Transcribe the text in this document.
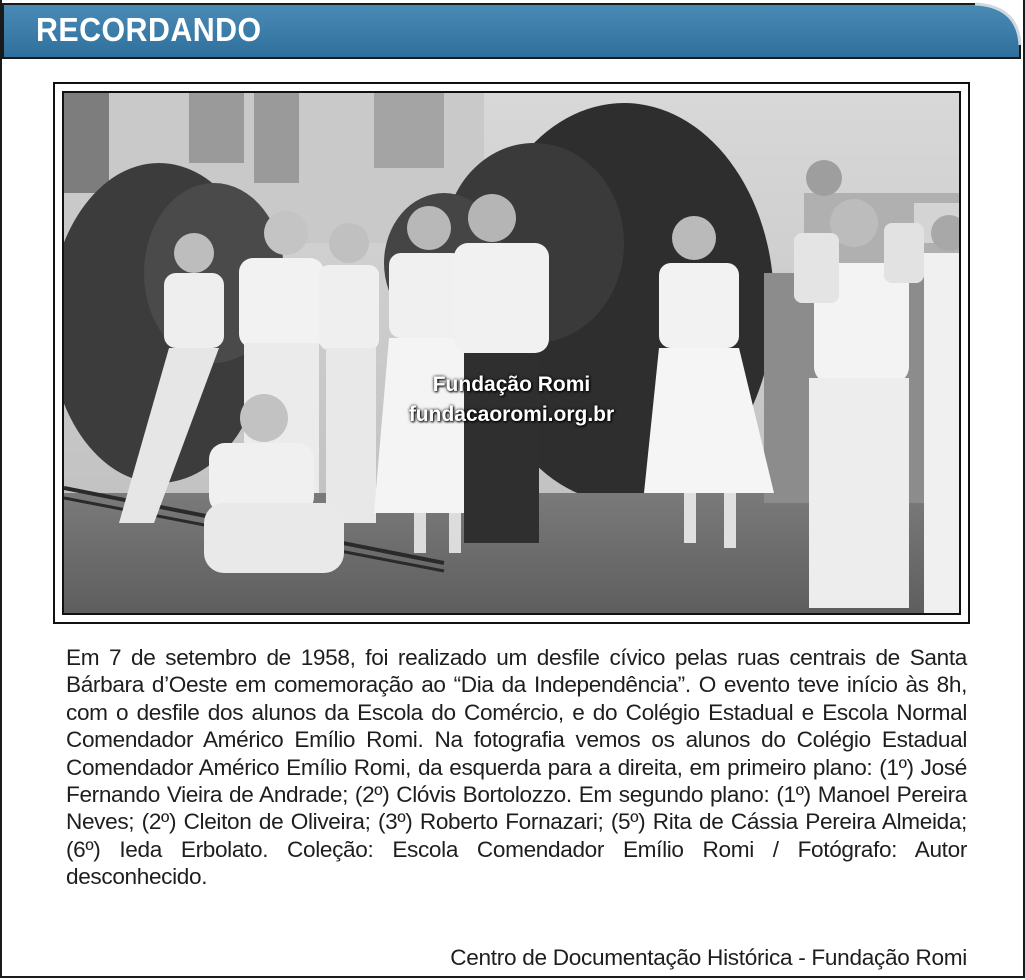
RECORDANDO
Fundação Romi
fundacaoromi.org.br
Em 7 de setembro de 1958, foi realizado um desfile cívico pelas ruas centrais de Santa Bárbara d’Oeste em comemoração ao “Dia da Independência”. O evento teve início às 8h, com o desfile dos alunos da Escola do Comércio, e do Colégio Estadual e Escola Normal Comendador Américo Emílio Romi. Na fotografia vemos os alunos do Colégio Estadual Comendador Américo Emílio Romi, da esquerda para a direita, em primeiro plano: (1º) José Fernando Vieira de Andrade; (2º) Clóvis Bortolozzo. Em segundo plano: (1º) Manoel Pereira Neves; (2º) Cleiton de Oliveira; (3º) Roberto Fornazari; (5º) Rita de Cássia Pereira Almeida; (6º) Ieda Erbolato. Coleção: Escola Comendador Emílio Romi / Fotógrafo: Autor desconhecido.
Centro de Documentação Histórica - Fundação Romi
